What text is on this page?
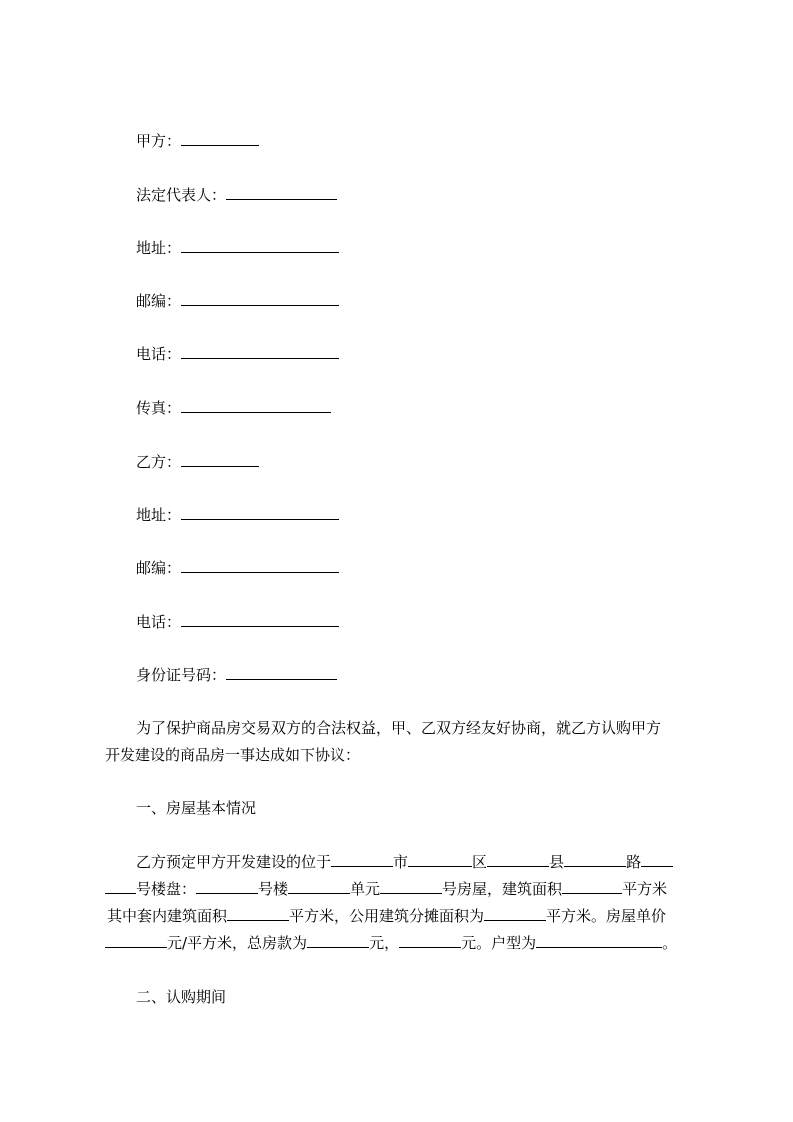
甲方：
法定代表人：
地址：
邮编：
电话：
传真：
乙方：
地址：
邮编：
电话：
身份证号码：
为了保护商品房交易双方的合法权益，甲、乙双方经友好协商，就乙方认购甲方
开发建设的商品房一事达成如下协议：
一、房屋基本情况
乙方预定甲方开发建设的位于	市	区	县	路
号楼盘：	号楼	单元	号房屋，建筑面积	平方米
其中套内建筑面积	平方米，公用建筑分摊面积为	平方米。房屋单价
元/平方米，总房款为	元，	元。户型为	。
二、认购期间
